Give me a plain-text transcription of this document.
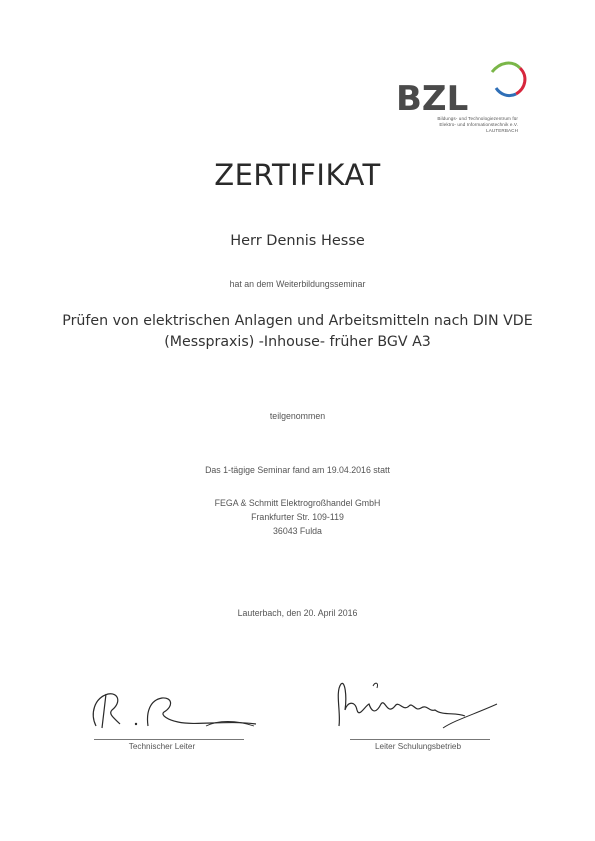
BZL
Bildungs- und Technologiezentrum für
Elektro- und Informationstechnik e.V.
LAUTERBACH
ZERTIFIKAT
Herr Dennis Hesse
hat an dem Weiterbildungsseminar
Prüfen von elektrischen Anlagen und Arbeitsmitteln nach DIN VDE
(Messpraxis) -Inhouse- früher BGV A3
teilgenommen
Das 1-tägige Seminar fand am 19.04.2016 statt
FEGA & Schmitt Elektrogroßhandel GmbH
Frankfurter Str. 109-119
36043 Fulda
Lauterbach, den 20. April 2016
Technischer Leiter	Leiter Schulungsbetrieb
